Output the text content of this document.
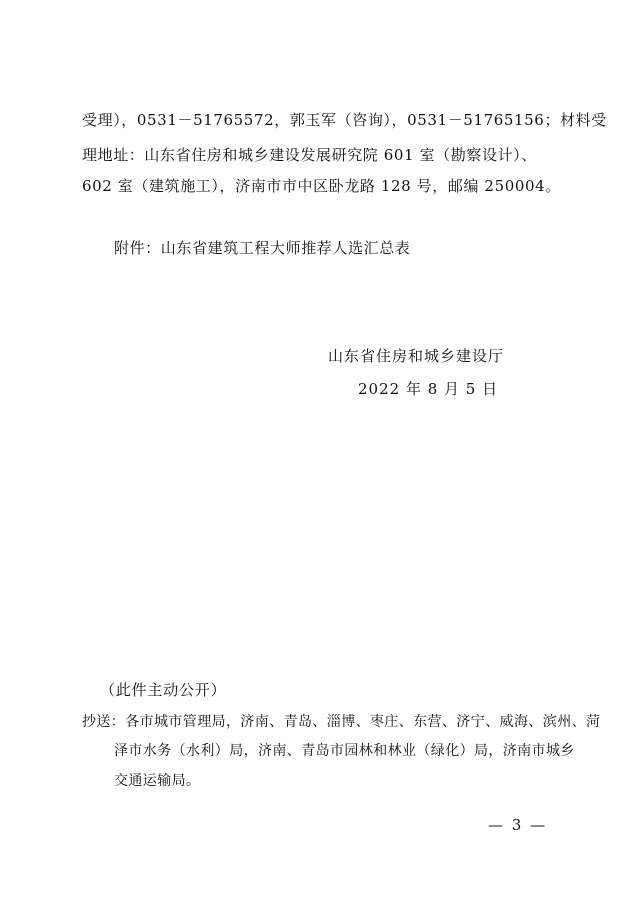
受理），0531－51765572，郭玉军（咨询），0531－51765156；材料受
理地址：山东省住房和城乡建设发展研究院 601 室（勘察设计）、
602 室（建筑施工），济南市市中区卧龙路 128 号，邮编 250004。
附件：山东省建筑工程大师推荐人选汇总表
山东省住房和城乡建设厅
2022 年 8 月 5 日
（此件主动公开）
抄送：各市城市管理局，济南、青岛、淄博、枣庄、东营、济宁、威海、滨州、菏
泽市水务（水利）局，济南、青岛市园林和林业（绿化）局，济南市城乡
交通运输局。
— 3 —
